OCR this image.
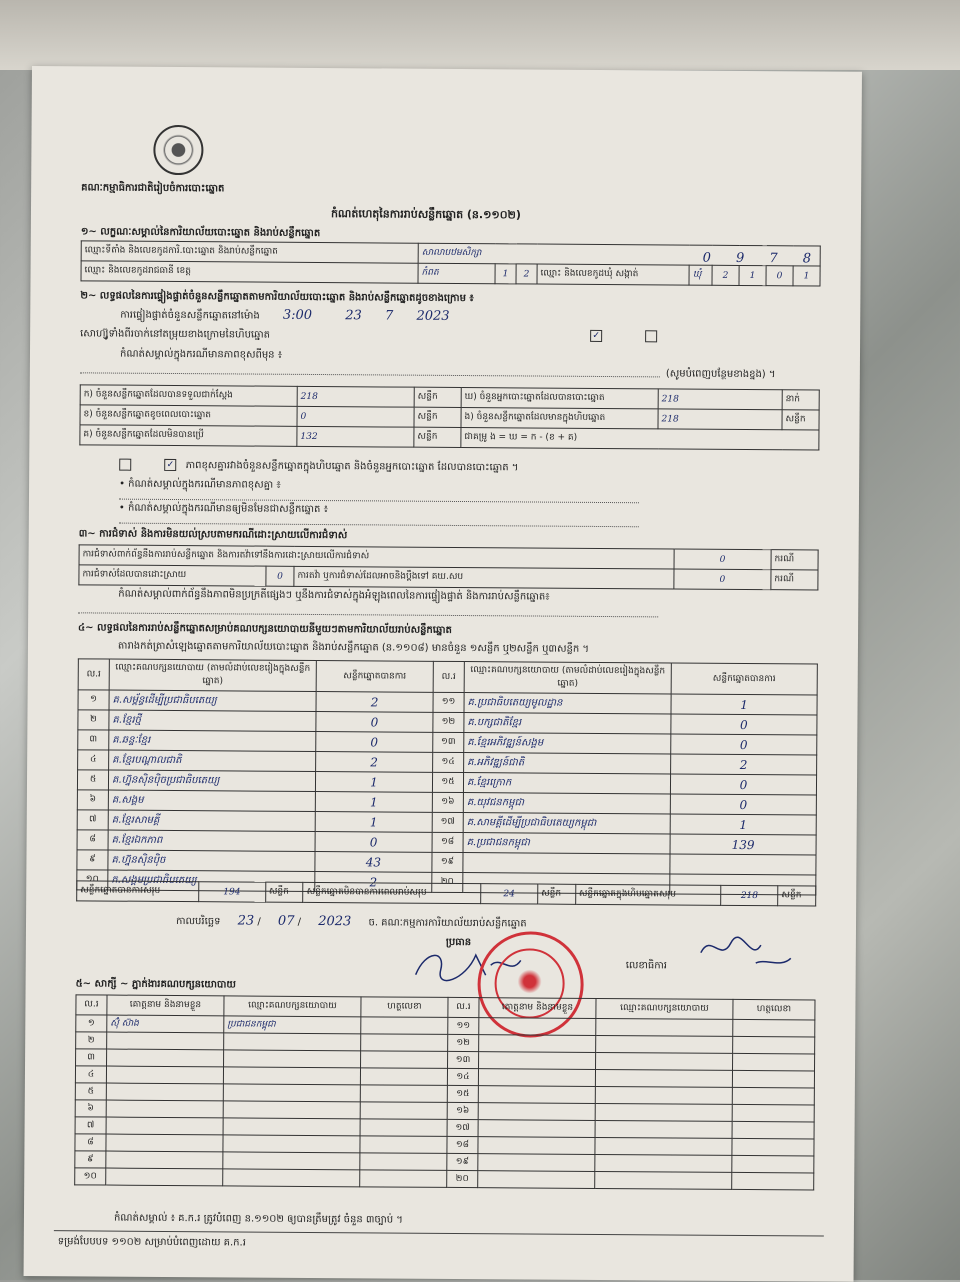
គណៈកម្មាធិការជាតិរៀបចំការបោះឆ្នោត
កំណត់ហេតុនៃការរាប់សន្លឹកឆ្នោត (ន.១១០២)
១~ លក្ខណៈសម្គាល់នៃការិយាល័យបោះឆ្នោត និងរាប់សន្លឹកឆ្នោត
ឈ្មោះទីតាំង និងលេខកូដការិ.បោះឆ្នោត និងរាប់សន្លឹកឆ្នោត	សាលាបឋមសិក្សា								
ឈ្មោះ និងលេខកូដរាជធានី ខេត្ត	កំពត	1	2	ឈ្មោះ និងលេខកូដឃុំ សង្កាត់	ឃុំ	2	1	0	1
0 9 7 8
២~ លទ្ធផលនៃការផ្ទៀងផ្ទាត់ចំនួនសន្លឹកឆ្នោតតាមការិយាល័យបោះឆ្នោត និងរាប់សន្លឹកឆ្នោតដូចខាងក្រោម ៖
ការផ្ទៀងផ្ទាត់ចំនួនសន្លឹកឆ្នោតនៅម៉ោង 3:00	23 7 2023
សោហ្ស៊ូទាំងពីរចាក់នៅតម្រុយខាងក្រោមនៃហិបឆ្នោត	✓
កំណត់សម្គាល់ក្នុងករណីមានភាពខុសពីមុន ៖
(សូមបំពេញបន្ថែមខាងខ្នង) ។
ក) ចំនួនសន្លឹកឆ្នោតដែលបានទទួលជាក់ស្តែង	218	សន្លឹក	ឃ) ចំនួនអ្នកបោះឆ្នោតដែលបានបោះឆ្នោត	218	នាក់
ខ) ចំនួនសន្លឹកឆ្នោតខូចពេលបោះឆ្នោត	0	សន្លឹក	ង) ចំនួនសន្លឹកឆ្នោតដែលមានក្នុងហិបឆ្នោត	218	សន្លឹក
គ) ចំនួនសន្លឹកឆ្នោតដែលមិនបានប្រើ	132	សន្លឹក	ជាគម្រូ ង = ឃ = ក - (ខ + គ)		
✓ ភាពខុសគ្នារវាងចំនួនសន្លឹកឆ្នោតក្នុងហិបឆ្នោត និងចំនួនអ្នកបោះឆ្នោត ដែលបានបោះឆ្នោត ។
• កំណត់សម្គាល់ក្នុងករណីមានភាពខុសគ្នា ៖
• កំណត់សម្គាល់ក្នុងករណីមានឲ្យមិនមែនជាសន្លឹកឆ្នោត ៖
៣~ ការជំទាស់ និងការមិនយល់ស្របតាមករណីដោះស្រាយលើការជំទាស់
ការជំទាស់ពាក់ព័ន្ធនឹងការរាប់សន្លឹកឆ្នោត និងការតវ៉ាទៅនឹងការដោះស្រាយលើការជំទាស់			0	ករណី
ការជំទាស់ដែលបានដោះស្រាយ	0	ការតវ៉ា ឬការជំទាស់ដែលអាចនិងប្តឹងទៅ គឃ.សប	0	ករណី
កំណត់សម្គាល់ពាក់ព័ន្ធនឹងភាពមិនប្រក្រតីផ្សេងៗ ឬនឹងការជំទាស់ក្នុងអំឡុងពេលនៃការផ្ទៀងផ្ទាត់ និងការរាប់សន្លឹកឆ្នោត៖
៤~ លទ្ធផលនៃការរាប់សន្លឹកឆ្នោតសម្រាប់គណបក្សនយោបាយនីមួយៗតាមការិយាល័យរាប់សន្លឹកឆ្នោត
តារាងកត់ត្រាសំឡេងឆ្នោតតាមការិយាល័យបោះឆ្នោត និងរាប់សន្លឹកឆ្នោត (ន.១១០៨) មានចំនួន ១សន្លឹក ឬ២សន្លឹក ឬ៣សន្លឹក ។
ល.រ	ឈ្មោះគណបក្សនយោបាយ (តាមលំដាប់លេខរៀងក្នុងសន្លឹកឆ្នោត)	សន្លឹកឆ្នោតបានការ	ល.រ	ឈ្មោះគណបក្សនយោបាយ (តាមលំដាប់លេខរៀងក្នុងសន្លឹកឆ្នោត)	សន្លឹកឆ្នោតបានការ
១	គ.សម្ព័ន្ធដើម្បីប្រជាធិបតេយ្យ	2	១១	គ.ប្រជាធិបតេយ្យមូលដ្ឋាន	1
២	គ.ខ្មែរថ្មី	0	១២	គ.បក្សជាតិខ្មែរ	0
៣	គ.ឆន្ទៈខ្មែរ	0	១៣	គ.ខ្មែរអភិវឌ្ឍន៍សង្គម	0
៤	គ.ខ្មែរបណ្ដាលជាតិ	2	១៤	គ.អភិវឌ្ឍន៍ជាតិ	2
៥	គ.ហ្វ៊ុនស៊ិនប៉ិចប្រជាធិបតេយ្យ	1	១៥	គ.ខ្មែរក្រោក	0
៦	គ.សង្គម	1	១៦	គ.យុវជនកម្ពុជា	0
៧	គ.ខ្មែរសាមគ្គី	1	១៧	គ.សាមគ្គីដើម្បីប្រជាធិបតេយ្យកម្ពុជា	1
៨	គ.ខ្មែរឯកភាព	0	១៨	គ.ប្រជាជនកម្ពុជា	139
៩	គ.ហ្វ៊ុនស៊ិនប៉ិច	43	១៩		
១០	គ.សង្គមប្រជាធិបតេយ្យ	2	២០		
សន្លឹកឆ្នោតបានការសរុប	194	សន្លឹក	សន្លឹកឆ្នោតមិនបានការពេលរាប់សរុប	24	សន្លឹក	សន្លឹកឆ្នោតក្នុងហិបឆ្នោតសរុប	218	សន្លឹក
កាលបរិច្ឆេទ 23 / 07 / 2023 ច. គណៈកម្មការការិយាល័យរាប់សន្លឹកឆ្នោត
ប្រធាន
លេខាធិការ
៥~ សាក្សី ~ ភ្នាក់ងារគណបក្សនយោបាយ
ល.រ	គោត្តនាម និងនាមខ្លួន	ឈ្មោះគណបក្សនយោបាយ	ហត្ថលេខា	ល.រ	គោត្តនាម និងនាមខ្លួន	ឈ្មោះគណបក្សនយោបាយ	ហត្ថលេខា
១	ស៊ុំ ស៊ាង	ប្រជាជនកម្ពុជា		១១			
២				១២			
៣				១៣			
៤				១៤			
៥				១៥			
៦				១៦			
៧				១៧			
៨				១៨			
៩				១៩			
១០				២០			
កំណត់សម្គាល់ ៖ គ.ក.រ ត្រូវបំពេញ ន.១១០២ ឲ្យបានត្រឹមត្រូវ ចំនួន ៣ច្បាប់ ។
ទម្រង់បែបបទ ១១០២ សម្រាប់បំពេញដោយ គ.ក.រ
